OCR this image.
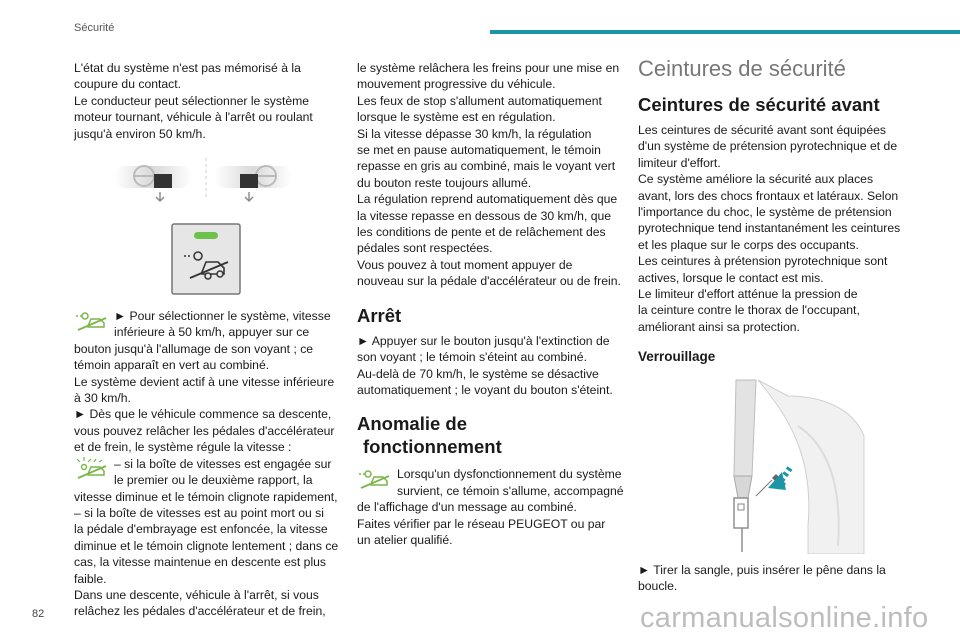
Sécurité

L'état du système n'est pas mémorisé à la
coupure du contact.
Le conducteur peut sélectionner le système
moteur tournant, véhicule à l'arrêt ou roulant
jusqu'à environ 50 km/h.

► Pour sélectionner le système, vitesse
inférieure à 50 km/h, appuyer sur ce

bouton jusqu'à l'allumage de son voyant ; ce
témoin apparaît en vert au combiné.
Le système devient actif à une vitesse inférieure
à 30 km/h.
► Dès que le véhicule commence sa descente,
vous pouvez relâcher les pédales d'accélérateur
et de frein, le système régule la vitesse :

– si la boîte de vitesses est engagée sur
le premier ou le deuxième rapport, la

vitesse diminue et le témoin clignote rapidement,
– si la boîte de vitesses est au point mort ou si
la pédale d'embrayage est enfoncée, la vitesse
diminue et le témoin clignote lentement ; dans ce
cas, la vitesse maintenue en descente est plus
faible.
Dans une descente, véhicule à l'arrêt, si vous
relâchez les pédales d'accélérateur et de frein,

le système relâchera les freins pour une mise en
mouvement progressive du véhicule.
Les feux de stop s'allument automatiquement
lorsque le système est en régulation.
Si la vitesse dépasse 30 km/h, la régulation
se met en pause automatiquement, le témoin
repasse en gris au combiné, mais le voyant vert
du bouton reste toujours allumé.
La régulation reprend automatiquement dès que
la vitesse repasse en dessous de 30 km/h, que
les conditions de pente et de relâchement des
pédales sont respectées.
Vous pouvez à tout moment appuyer de
nouveau sur la pédale d'accélérateur ou de frein.

Arrêt

► Appuyer sur le bouton jusqu'à l'extinction de
son voyant ; le témoin s'éteint au combiné.
Au-delà de 70 km/h, le système se désactive
automatiquement ; le voyant du bouton s'éteint.

Anomalie de
fonctionnement
Lorsqu'un dysfonctionnement du système
survient, ce témoin s'allume, accompagné

de l'affichage d'un message au combiné.
Faites vérifier par le réseau PEUGEOT ou par
un atelier qualifié.

Ceintures de sécurité
Ceintures de sécurité avant

Les ceintures de sécurité avant sont équipées
d'un système de prétension pyrotechnique et de
limiteur d'effort.
Ce système améliore la sécurité aux places
avant, lors des chocs frontaux et latéraux. Selon
l'importance du choc, le système de prétension
pyrotechnique tend instantanément les ceintures
et les plaque sur le corps des occupants.
Les ceintures à prétension pyrotechnique sont
actives, lorsque le contact est mis.
Le limiteur d'effort atténue la pression de
la ceinture contre le thorax de l'occupant,
améliorant ainsi sa protection.

Verrouillage

► Tirer la sangle, puis insérer le pêne dans la
boucle.

82	carmanualsonline.info
